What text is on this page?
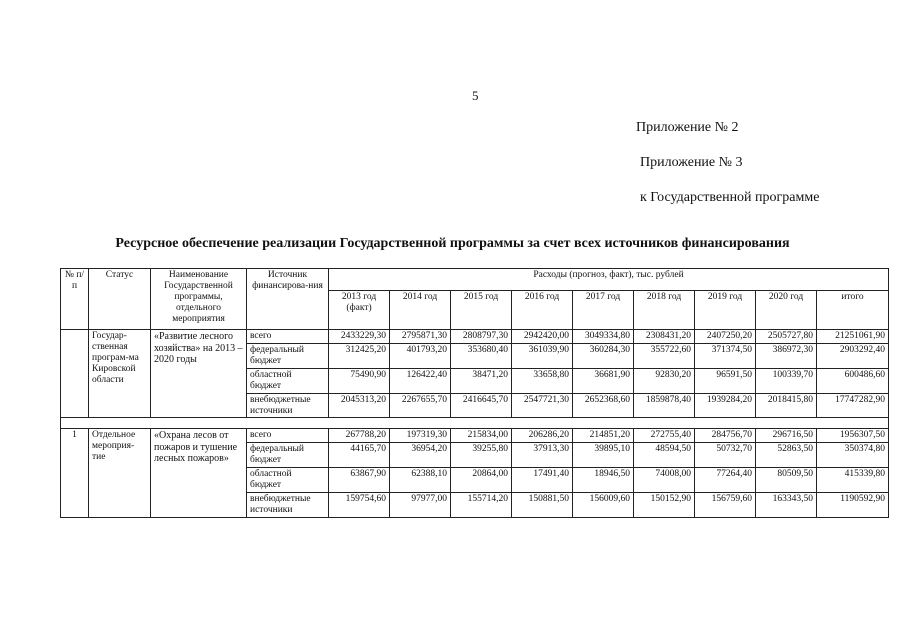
5
Приложение № 2
Приложение № 3
к Государственной программе
Ресурсное обеспечение реализации Государственной программы за счет всех источников финансирования
№ п/п	Статус	Наименование Государственной программы, отдельного мероприятия	Источник финансирова-ния	Расходы (прогноз, факт), тыс. рублей								
				2013 год (факт)	2014 год	2015 год	2016 год	2017 год	2018 год	2019 год	2020 год	итого
	Государ-ственная програм-ма Кировской области	«Развитие лесного хозяйства» на 2013 – 2020 годы	всего	2433229,30	2795871,30	2808797,30	2942420,00	3049334,80	2308431,20	2407250,20	2505727,80	21251061,90
			федеральный бюджет	312425,20	401793,20	353680,40	361039,90	360284,30	355722,60	371374,50	386972,30	2903292,40
			областной бюджет	75490,90	126422,40	38471,20	33658,80	36681,90	92830,20	96591,50	100339,70	600486,60
			внебюджетные источники	2045313,20	2267655,70	2416645,70	2547721,30	2652368,60	1859878,40	1939284,20	2018415,80	17747282,90

1	Отдельное мероприя-тие	«Охрана лесов от пожаров и тушение лесных пожаров»	всего	267788,20	197319,30	215834,00	206286,20	214851,20	272755,40	284756,70	296716,50	1956307,50
			федеральный бюджет	44165,70	36954,20	39255,80	37913,30	39895,10	48594,50	50732,70	52863,50	350374,80
			областной бюджет	63867,90	62388,10	20864,00	17491,40	18946,50	74008,00	77264,40	80509,50	415339,80
			внебюджетные источники	159754,60	97977,00	155714,20	150881,50	156009,60	150152,90	156759,60	163343,50	1190592,90
